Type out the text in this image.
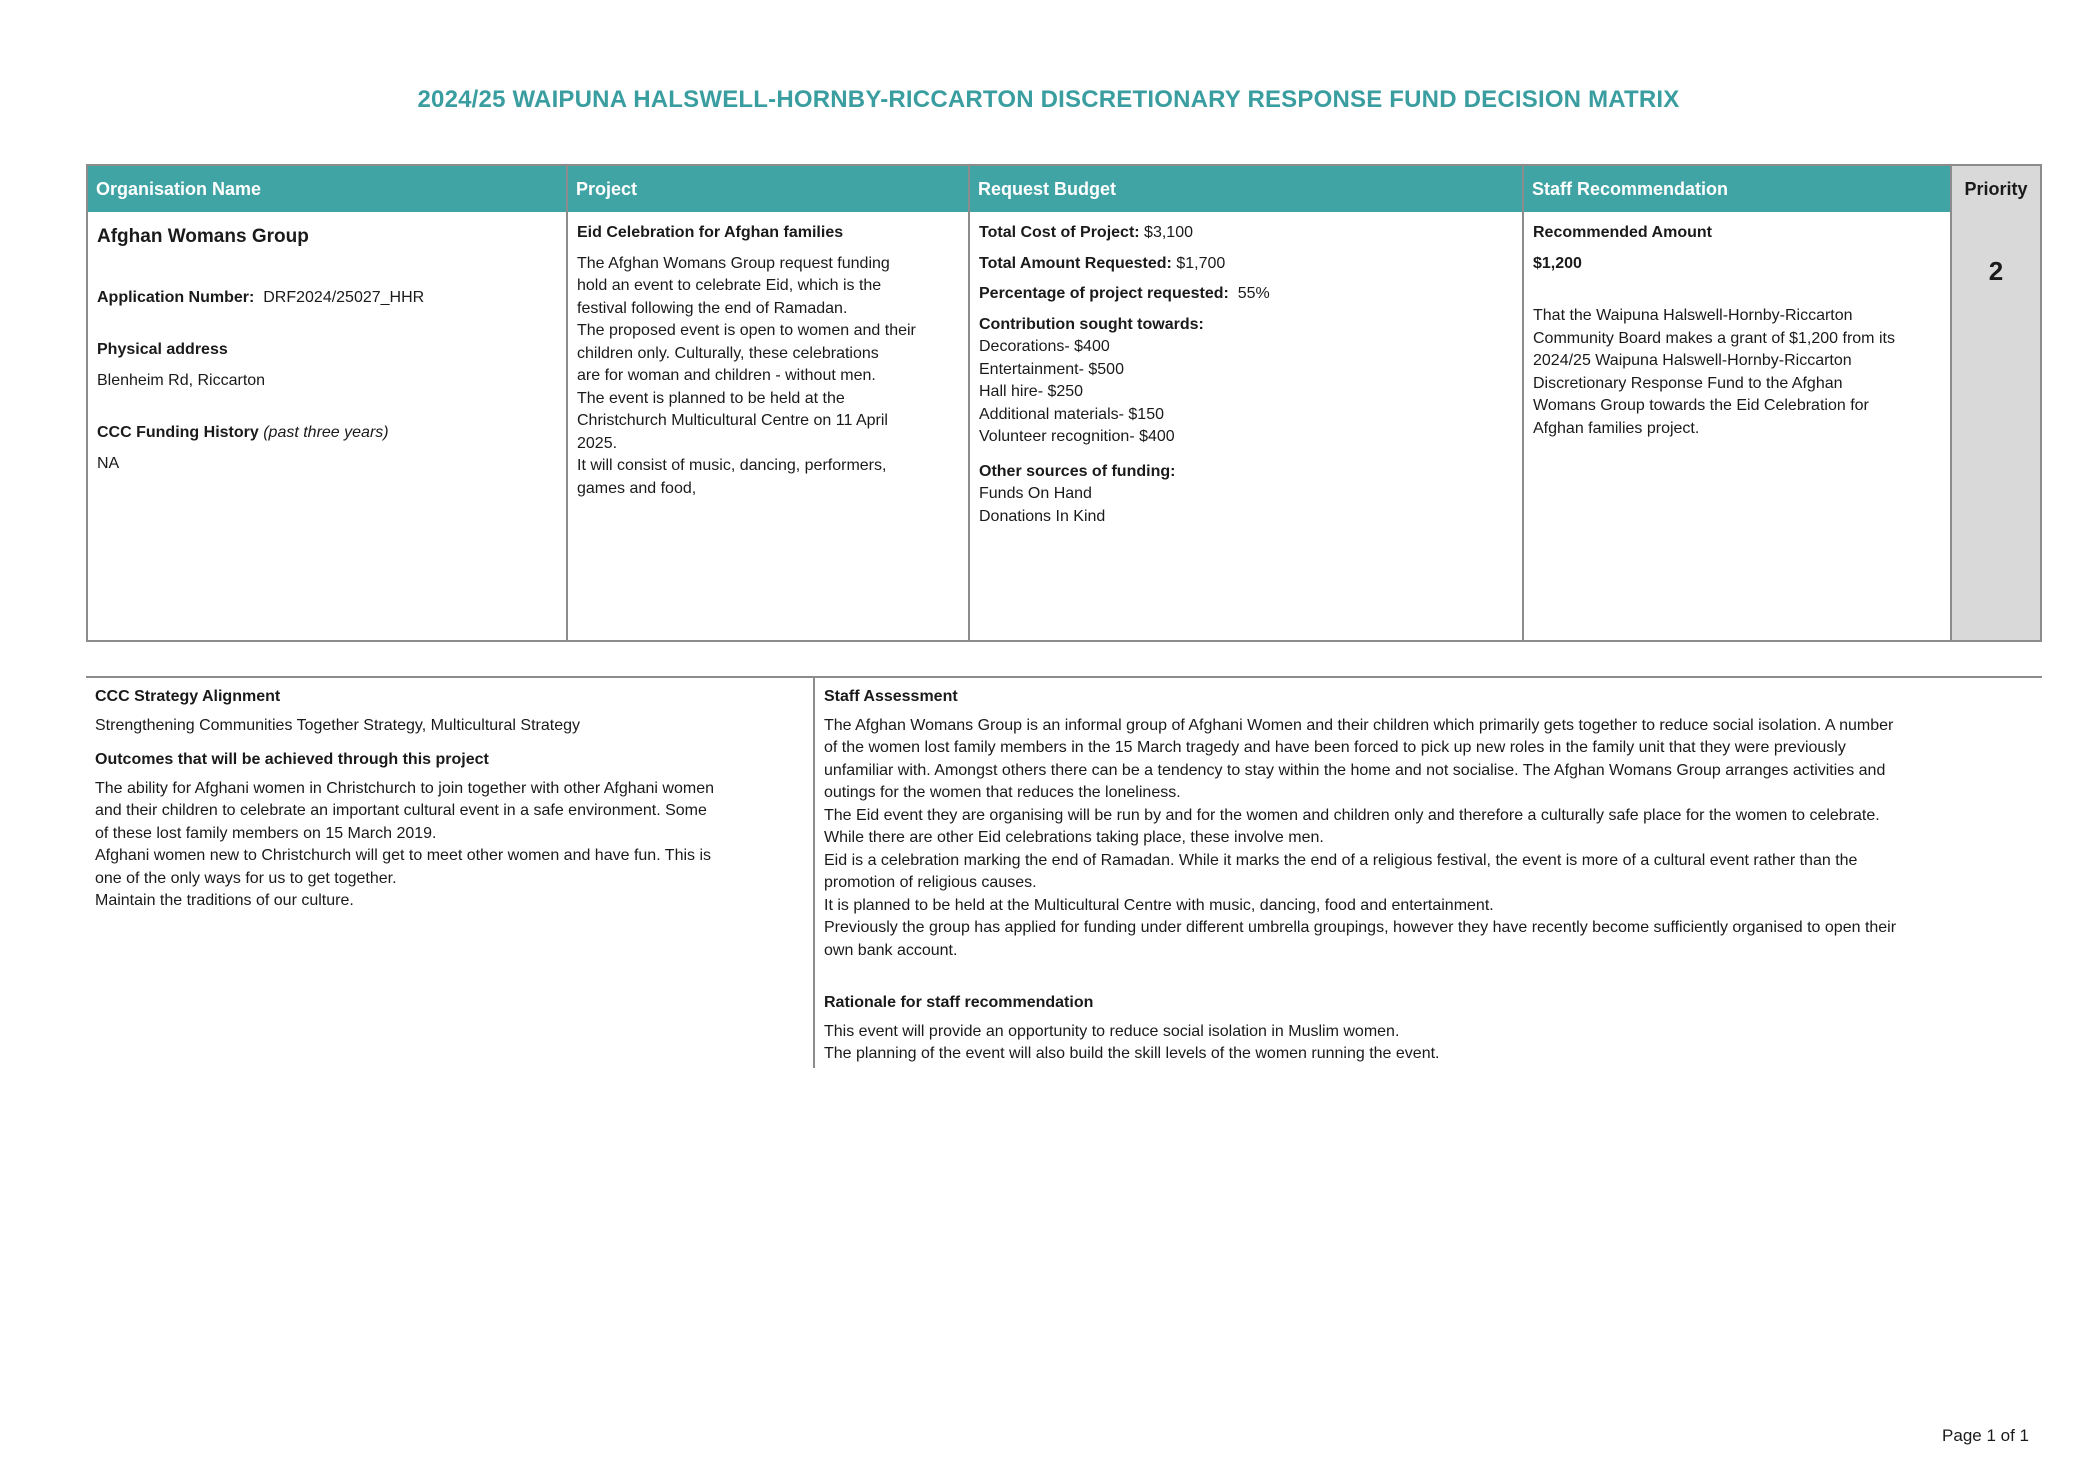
2024/25 WAIPUNA HALSWELL-HORNBY-RICCARTON DISCRETIONARY RESPONSE FUND DECISION MATRIX
Organisation Name
Afghan Womans Group
Application Number: DRF2024/25027_HHR
Physical address
Blenheim Rd, Riccarton
CCC Funding History (past three years)
NA
Project
Eid Celebration for Afghan families
The Afghan Womans Group request funding
hold an event to celebrate Eid, which is the
festival following the end of Ramadan.
The proposed event is open to women and their
children only. Culturally, these celebrations
are for woman and children - without men.
The event is planned to be held at the
Christchurch Multicultural Centre on 11 April
2025.
It will consist of music, dancing, performers,
games and food,
Request Budget
Total Cost of Project: $3,100
Total Amount Requested: $1,700
Percentage of project requested: 55%
Contribution sought towards:
Decorations- $400
Entertainment- $500
Hall hire- $250
Additional materials- $150
Volunteer recognition- $400
Other sources of funding:
Funds On Hand
Donations In Kind
Staff Recommendation
Recommended Amount
$1,200
That the Waipuna Halswell-Hornby-Riccarton
Community Board makes a grant of $1,200 from its
2024/25 Waipuna Halswell-Hornby-Riccarton
Discretionary Response Fund to the Afghan
Womans Group towards the Eid Celebration for
Afghan families project.
Priority
2
CCC Strategy Alignment
Strengthening Communities Together Strategy, Multicultural Strategy
Outcomes that will be achieved through this project
The ability for Afghani women in Christchurch to join together with other Afghani women
and their children to celebrate an important cultural event in a safe environment. Some
of these lost family members on 15 March 2019.
Afghani women new to Christchurch will get to meet other women and have fun. This is
one of the only ways for us to get together.
Maintain the traditions of our culture.
Staff Assessment
The Afghan Womans Group is an informal group of Afghani Women and their children which primarily gets together to reduce social isolation. A number
of the women lost family members in the 15 March tragedy and have been forced to pick up new roles in the family unit that they were previously
unfamiliar with. Amongst others there can be a tendency to stay within the home and not socialise. The Afghan Womans Group arranges activities and
outings for the women that reduces the loneliness.
The Eid event they are organising will be run by and for the women and children only and therefore a culturally safe place for the women to celebrate.
While there are other Eid celebrations taking place, these involve men.
Eid is a celebration marking the end of Ramadan. While it marks the end of a religious festival, the event is more of a cultural event rather than the
promotion of religious causes.
It is planned to be held at the Multicultural Centre with music, dancing, food and entertainment.
Previously the group has applied for funding under different umbrella groupings, however they have recently become sufficiently organised to open their
own bank account.
Rationale for staff recommendation
This event will provide an opportunity to reduce social isolation in Muslim women.
The planning of the event will also build the skill levels of the women running the event.
Page 1 of 1
